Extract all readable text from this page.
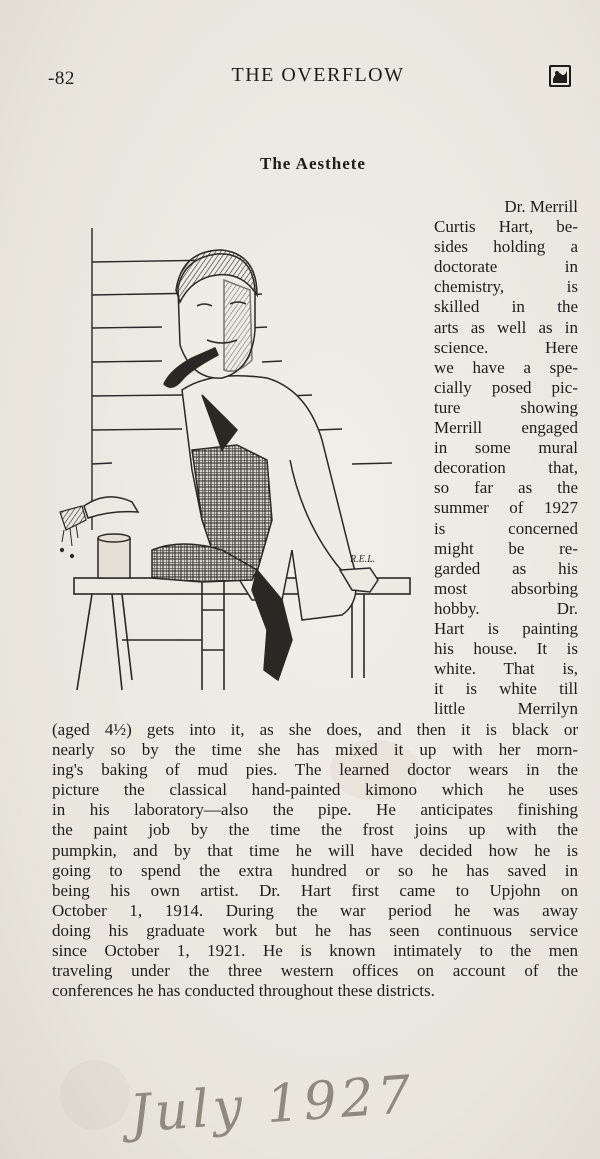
-82	THE OVERFLOW
The Aesthete
R.E.L.
Dr. Merrill
Curtis Hart, be-
sides holding a
doctorate in
chemistry, is
skilled in the
arts as well as in
science. Here
we have a spe-
cially posed pic-
ture showing
Merrill engaged
in some mural
decoration that,
so far as the
summer of 1927
is concerned
might be re-
garded as his
most absorbing
hobby. Dr.
Hart is painting
his house. It is
white. That is,
it is white till
little Merrilyn
(aged 4½) gets into it, as she does, and then it is black or
nearly so by the time she has mixed it up with her morn-
ing's baking of mud pies. The learned doctor wears in the
picture the classical hand-painted kimono which he uses
in his laboratory—also the pipe. He anticipates finishing
the paint job by the time the frost joins up with the
pumpkin, and by that time he will have decided how he is
going to spend the extra hundred or so he has saved in
being his own artist. Dr. Hart first came to Upjohn on
October 1, 1914. During the war period he was away
doing his graduate work but he has seen continuous service
since October 1, 1921. He is known intimately to the men
traveling under the three western offices on account of the
conferences he has conducted throughout these districts.
July 1927
